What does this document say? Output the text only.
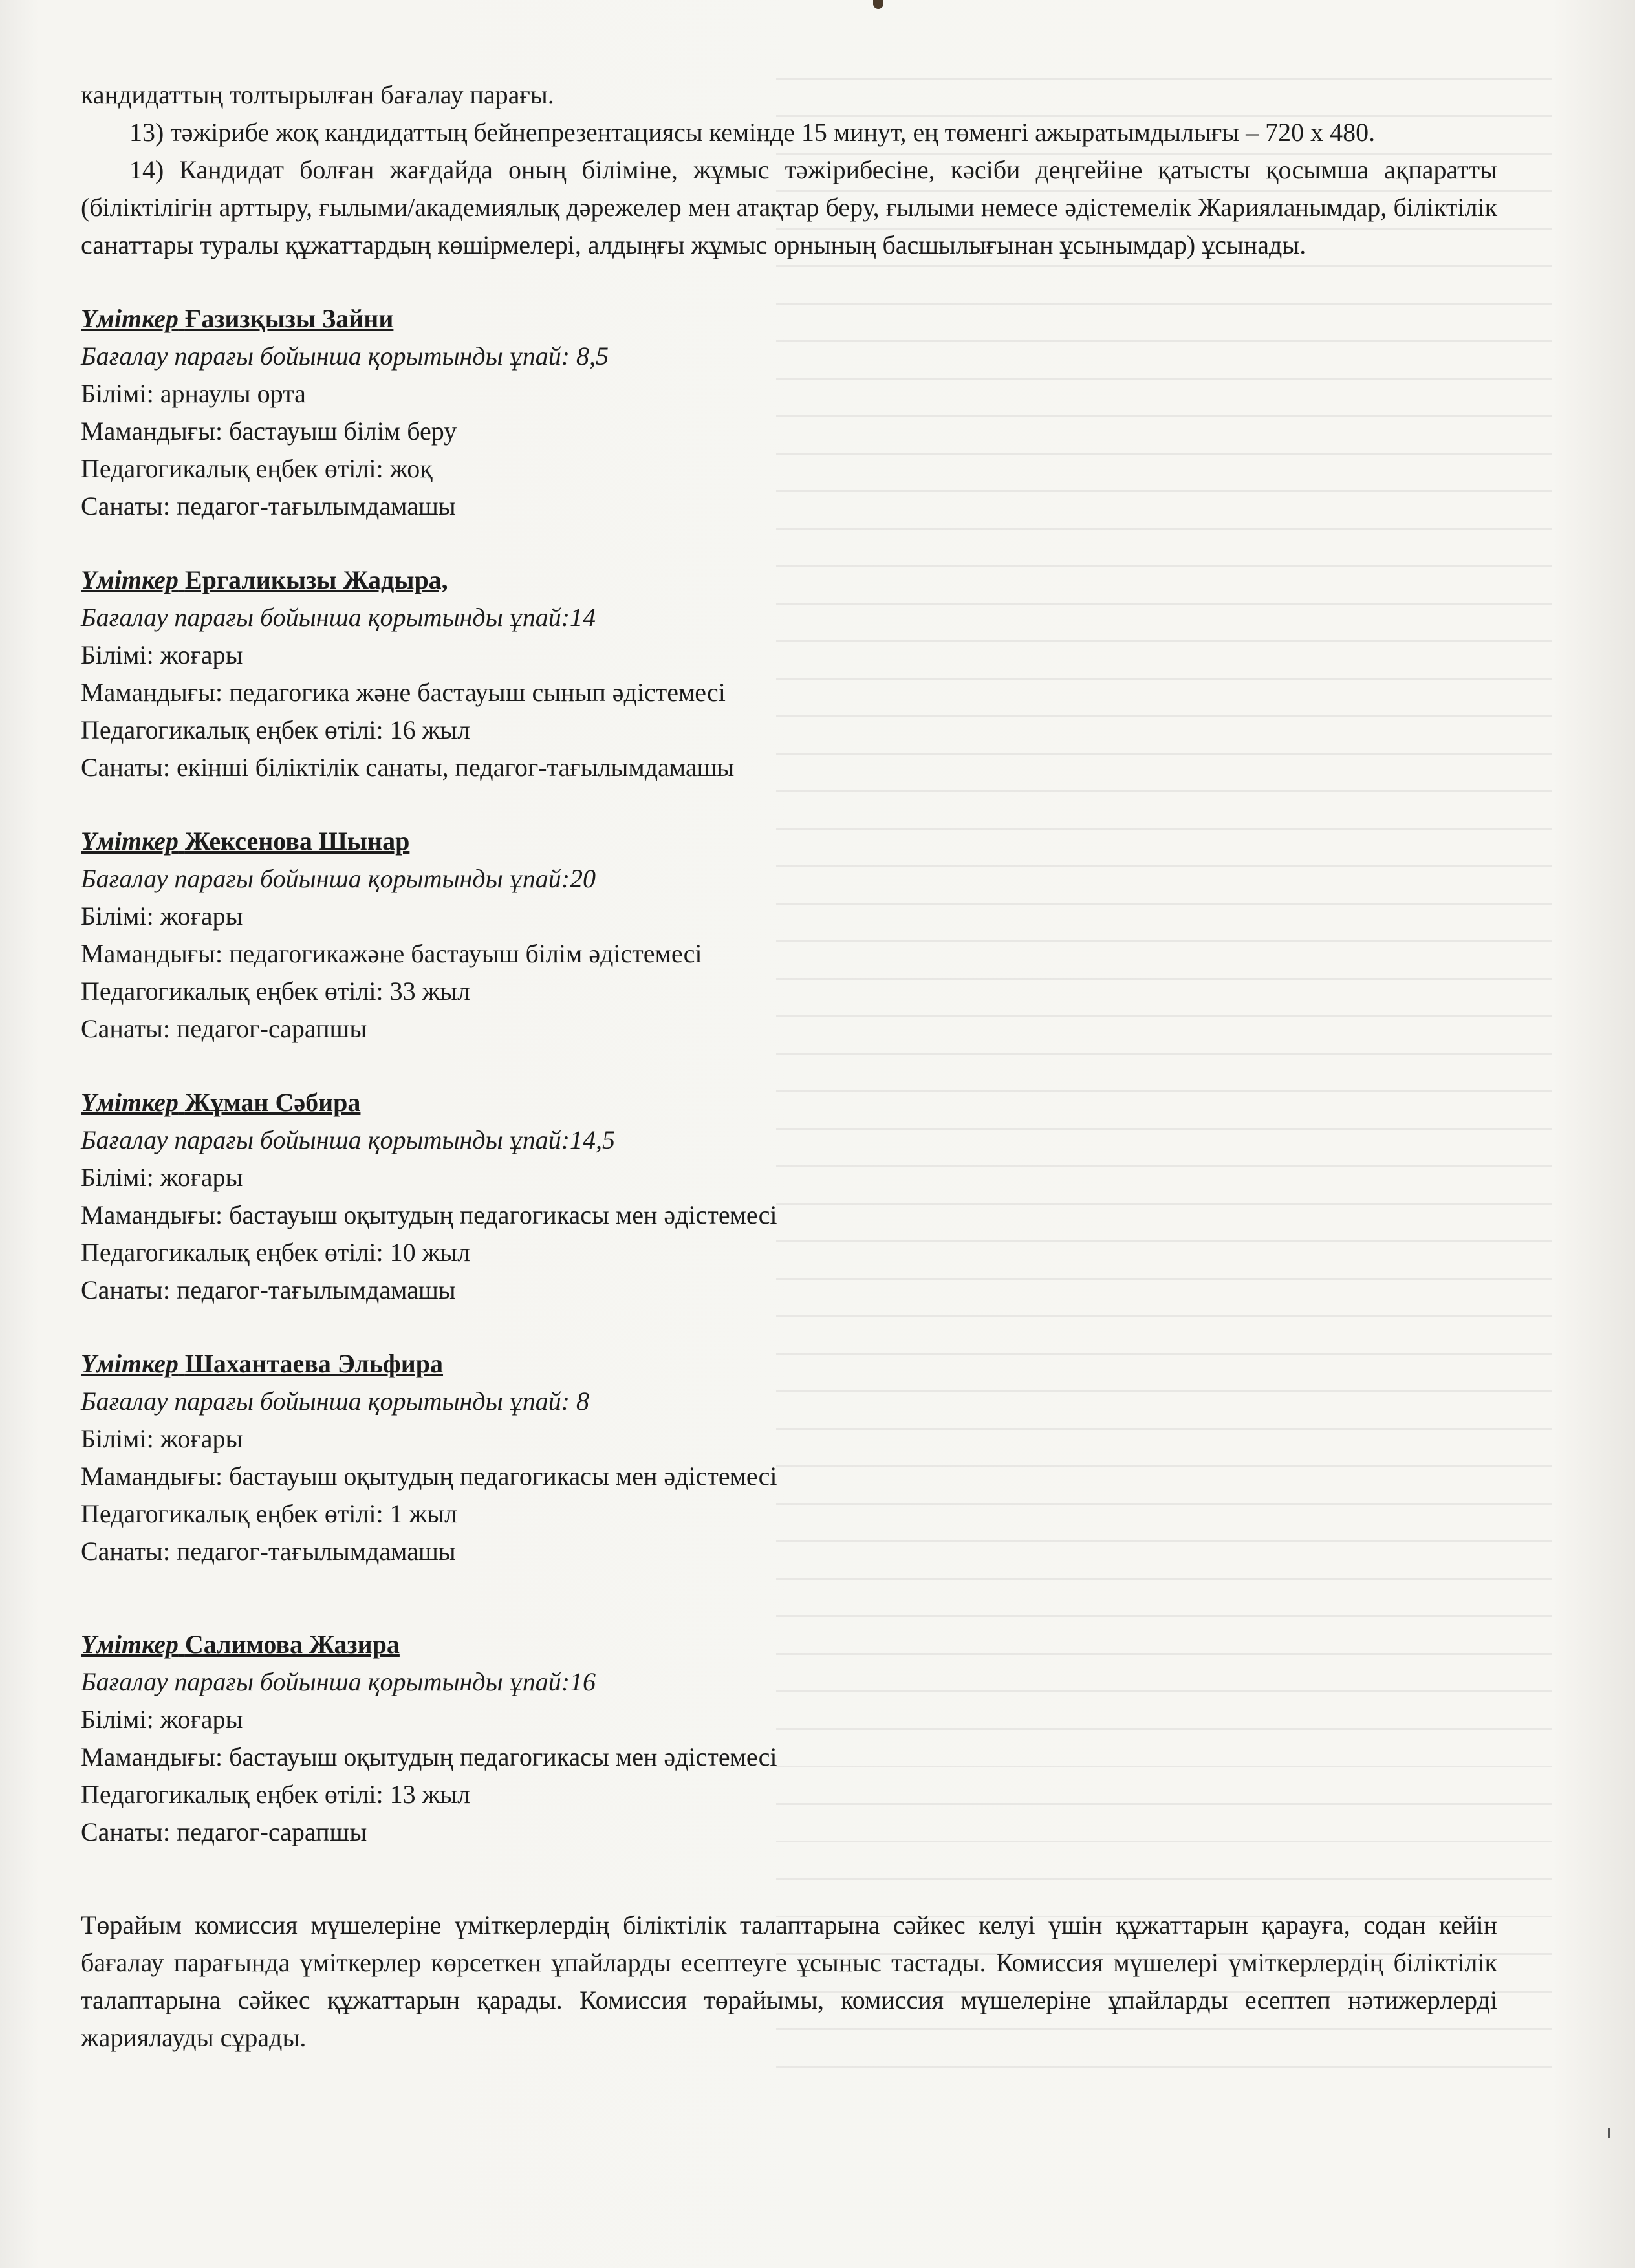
кандидаттың толтырылған бағалау парағы.

13) тәжірибе жоқ кандидаттың бейнепрезентациясы кемінде 15 минут, ең төменгі ажыратымдылығы – 720 х 480.

14) Кандидат болған жағдайда оның біліміне, жұмыс тәжірибесіне, кәсіби деңгейіне қатысты қосымша ақпаратты (біліктілігін арттыру, ғылыми/академиялық дәрежелер мен атақтар беру, ғылыми немесе әдістемелік Жарияланымдар, біліктілік санаттары туралы құжаттардың көшірмелері, алдыңғы жұмыс орнының басшылығынан ұсынымдар) ұсынады.

Үміткер Ғазизқызы Зайни
Бағалау парағы бойынша қорытынды ұпай: 8,5
Білімі: арнаулы орта
Мамандығы: бастауыш білім беру
Педагогикалық еңбек өтілі: жоқ
Санаты: педагог-тағылымдамашы
Үміткер Ергаликызы Жадыра,
Бағалау парағы бойынша қорытынды ұпай:14
Білімі: жоғары
Мамандығы: педагогика және бастауыш сынып әдістемесі
Педагогикалық еңбек өтілі: 16 жыл
Санаты: екінші біліктілік санаты, педагог-тағылымдамашы
Үміткер Жексенова Шынар
Бағалау парағы бойынша қорытынды ұпай:20
Білімі: жоғары
Мамандығы: педагогикажәне бастауыш білім әдістемесі
Педагогикалық еңбек өтілі: 33 жыл
Санаты: педагог-сарапшы
Үміткер Жұман Сәбира
Бағалау парағы бойынша қорытынды ұпай:14,5
Білімі: жоғары
Мамандығы: бастауыш оқытудың педагогикасы мен әдістемесі
Педагогикалық еңбек өтілі: 10 жыл
Санаты: педагог-тағылымдамашы
Үміткер Шахантаева Эльфира
Бағалау парағы бойынша қорытынды ұпай: 8
Білімі: жоғары
Мамандығы: бастауыш оқытудың педагогикасы мен әдістемесі
Педагогикалық еңбек өтілі: 1 жыл
Санаты: педагог-тағылымдамашы
Үміткер Салимова Жазира
Бағалау парағы бойынша қорытынды ұпай:16
Білімі: жоғары
Мамандығы: бастауыш оқытудың педагогикасы мен әдістемесі
Педагогикалық еңбек өтілі: 13 жыл
Санаты: педагог-сарапшы

Төрайым комиссия мүшелеріне үміткерлердің біліктілік талаптарына сәйкес келуі үшін құжаттарын қарауға, содан кейін бағалау парағында үміткерлер көрсеткен ұпайларды есептеуге ұсыныс тастады. Комиссия мүшелері үміткерлердің біліктілік талаптарына сәйкес құжаттарын қарады. Комиссия төрайымы, комиссия мүшелеріне ұпайларды есептеп нәтижерлерді жариялауды сұрады.
